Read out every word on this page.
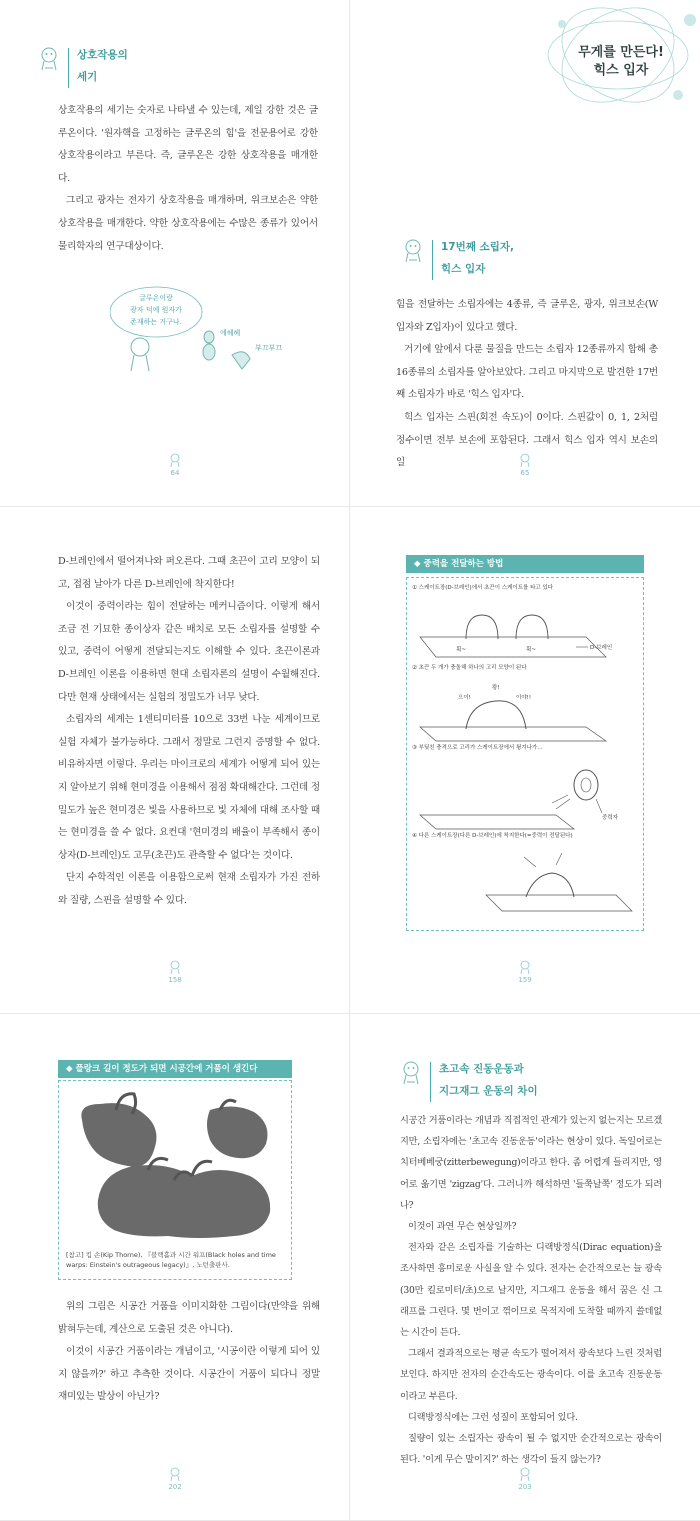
상호작용의
세기

상호작용의 세기는 숫자로 나타낼 수 있는데, 제일 강한 것은 글루온이다. '원자핵을 고정하는 글루온의 힘'을 전문용어로 강한 상호작용이라고 부른다. 즉, 글루온은 강한 상호작용을 매개한다.

그리고 광자는 전자기 상호작용을 매개하며, 위크보손은 약한 상호작용을 매개한다. 약한 상호작용에는 수많은 종류가 있어서 물리학자의 연구대상이다.

글루온이랑
광자 덕에 원자가
존재하는 거구나.
에헤헤
부끄부끄
64
무게를 만든다!
힉스 입자
17번째 소립자,
힉스 입자

힘을 전달하는 소립자에는 4종류, 즉 글루온, 광자, 위크보손(W입자와 Z입자)이 있다고 했다.

거기에 앞에서 다룬 물질을 만드는 소립자 12종류까지 합해 총 16종류의 소립자를 알아보았다. 그리고 마지막으로 발견한 17번째 소립자가 바로 '힉스 입자'다.

힉스 입자는 스핀(회전 속도)이 0이다. 스핀값이 0, 1, 2처럼 정수이면 전부 보손에 포함된다. 그래서 힉스 입자 역시 보손의 일

65

D-브레인에서 떨어져나와 퍼오른다. 그때 초끈이 고리 모양이 되고, 접점 날아가 다른 D-브레인에 착지한다!

이것이 중력이라는 힘이 전달하는 메커니즘이다. 이렇게 해서 조금 전 기묘한 종이상자 같은 배치로 모든 소립자를 설명할 수 있고, 중력이 어떻게 전달되는지도 이해할 수 있다. 초끈이론과 D-브레인 이론을 이용하면 현대 소립자론의 설명이 수월해진다. 다만 현재 상태에서는 실험의 정밀도가 너무 낮다.

소립자의 세계는 1센티미터를 10으로 33번 나눈 세계이므로 실험 자체가 불가능하다. 그래서 정말로 그런지 증명할 수 없다. 비유하자면 이렇다. 우리는 마이크로의 세계가 어떻게 되어 있는지 알아보기 위해 현미경을 이용해서 점점 확대해간다. 그런데 정밀도가 높은 현미경은 빛을 사용하므로 빛 자체에 대해 조사할 때는 현미경을 쓸 수 없다. 요컨대 '현미경의 배율이 부족해서 종이상자(D-브레인)도 고무(초끈)도 관측할 수 없다'는 것이다.

단지 수학적인 이론을 이용함으로써 현재 소립자가 가진 전하와 질량, 스핀을 설명할 수 있다.

158
◆ 중력을 전달하는 방법
① 스케이트장(D-브레인)에서 초끈이 스케이트를 타고 있다
② 초끈 두 개가 충돌해 하나의 고리 모양이 된다
③ 부딪친 충격으로 고리가 스케이트장에서 튕겨나가…
④ 다른 스케이트장(다른 D-브레인)에 착지한다(=중력이 전달된다)
휙~	휙~	D-브레인
으이!
쾅!
이야!!
중력자
159
◆ 플랑크 길이 정도가 되면 시공간에 거품이 생긴다
[참고] 킵 손(Kip Thorne), 『블랙홀과 시간 워프(Black holes and time warps: Einstein's outrageous legacy)』, 노턴출판사.

위의 그림은 시공간 거품을 이미지화한 그림이다(만약을 위해 밝혀두는데, 계산으로 도출된 것은 아니다).

이것이 시공간 거품이라는 개념이고, '시공이란 이렇게 되어 있지 않을까?' 하고 추측한 것이다. 시공간이 거품이 되다니 정말 재미있는 발상이 아닌가?

202
초고속 진동운동과
지그재그 운동의 차이

시공간 거품이라는 개념과 직접적인 관계가 있는지 없는지는 모르겠지만, 소립자에는 '초고속 진동운동'이라는 현상이 있다. 독일어로는 치터베베궁(zitterbewegung)이라고 한다. 좀 어렵게 들리지만, 영어로 옮기면 'zigzag'다. 그러니까 해석하면 '들쭉날쭉' 정도가 되려나?

이것이 과연 무슨 현상일까?

전자와 같은 소립자를 기술하는 디랙방정식(Dirac equation)을 조사하면 흥미로운 사실을 알 수 있다. 전자는 순간적으로는 늘 광속(30만 킬로미터/초)으로 날지만, 지그재그 운동을 해서 꿈은 신 그래프를 그린다. 몇 번이고 꺾이므로 목적지에 도착할 때까지 쓸데없는 시간이 든다.

그래서 결과적으로는 평균 속도가 떨어져서 광속보다 느린 것처럼 보인다. 하지만 전자의 순간속도는 광속이다. 이를 초고속 진동운동이라고 부른다.

디랙방정식에는 그런 성질이 포함되어 있다.

질량이 있는 소립자는 광속이 될 수 없지만 순간적으로는 광속이 된다. '이게 무슨 말이지?' 하는 생각이 들지 않는가?

203
